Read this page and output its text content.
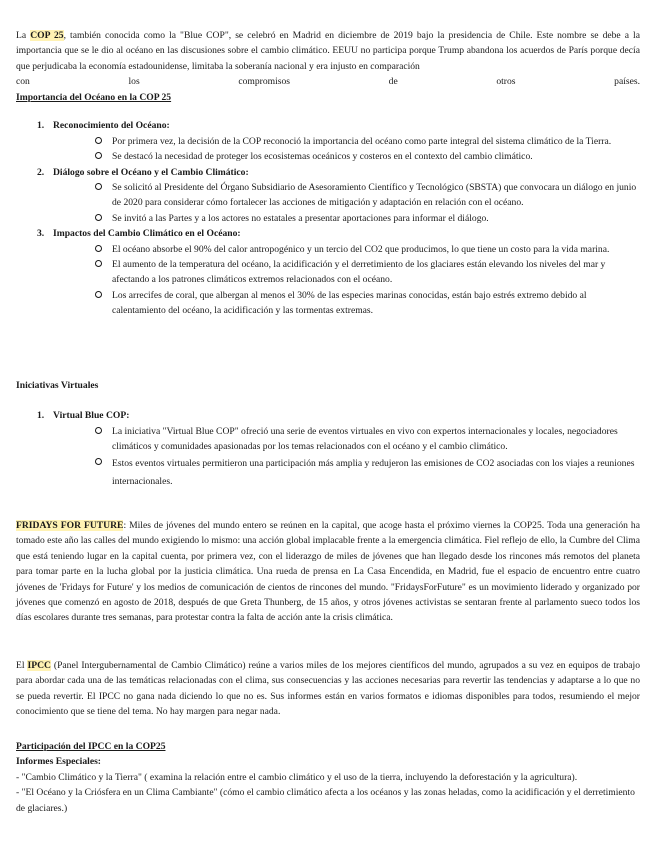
La COP 25, también conocida como la "Blue COP", se celebró en Madrid en diciembre de 2019 bajo la presidencia de Chile. Este nombre se debe a la importancia que se le dio al océano en las discusiones sobre el cambio climático. EEUU no participa porque Trump abandona los acuerdos de París porque decía que perjudicaba la economía estadounidense, limitaba la soberanía nacional y era injusto en comparación

con	los compromisos de otros países.

Importancia del Océano en la COP 25

1. Reconocimiento del Océano:
Por primera vez, la decisión de la COP reconoció la importancia del océano como parte integral del sistema climático de la Tierra.
Se destacó la necesidad de proteger los ecosistemas oceánicos y costeros en el contexto del cambio climático.
2. Diálogo sobre el Océano y el Cambio Climático:
Se solicitó al Presidente del Órgano Subsidiario de Asesoramiento Científico y Tecnológico (SBSTA) que convocara un diálogo en junio de 2020 para considerar cómo fortalecer las acciones de mitigación y adaptación en relación con el océano.
Se invitó a las Partes y a los actores no estatales a presentar aportaciones para informar el diálogo.
3. Impactos del Cambio Climático en el Océano:
El océano absorbe el 90% del calor antropogénico y un tercio del CO2 que producimos, lo que tiene un costo para la vida marina.
El aumento de la temperatura del océano, la acidificación y el derretimiento de los glaciares están elevando los niveles del mar y afectando a los patrones climáticos extremos relacionados con el océano.
Los arrecifes de coral, que albergan al menos el 30% de las especies marinas conocidas, están bajo estrés extremo debido al calentamiento del océano, la acidificación y las tormentas extremas.

Iniciativas Virtuales

1. Virtual Blue COP:
La iniciativa "Virtual Blue COP" ofreció una serie de eventos virtuales en vivo con expertos internacionales y locales, negociadores climáticos y comunidades apasionadas por los temas relacionados con el océano y el cambio climático.
Estos eventos virtuales permitieron una participación más amplia y redujeron las emisiones de CO2 asociadas con los viajes a reuniones internacionales.

FRIDAYS FOR FUTURE: Miles de jóvenes del mundo entero se reúnen en la capital, que acoge hasta el próximo viernes la COP25. Toda una generación ha tomado este año las calles del mundo exigiendo lo mismo: una acción global implacable frente a la emergencia climática. Fiel reflejo de ello, la Cumbre del Clima que está teniendo lugar en la capital cuenta, por primera vez, con el liderazgo de miles de jóvenes que han llegado desde los rincones más remotos del planeta para tomar parte en la lucha global por la justicia climática. Una rueda de prensa en La Casa Encendida, en Madrid, fue el espacio de encuentro entre cuatro jóvenes de 'Fridays for Future' y los medios de comunicación de cientos de rincones del mundo. "FridaysForFuture" es un movimiento liderado y organizado por jóvenes que comenzó en agosto de 2018, después de que Greta Thunberg, de 15 años, y otros jóvenes activistas se sentaran frente al parlamento sueco todos los días escolares durante tres semanas, para protestar contra la falta de acción ante la crisis climática.

El IPCC (Panel Intergubernamental de Cambio Climático) reúne a varios miles de los mejores científicos del mundo, agrupados a su vez en equipos de trabajo para abordar cada una de las temáticas relacionadas con el clima, sus consecuencias y las acciones necesarias para revertir las tendencias y adaptarse a lo que no se pueda revertir. El IPCC no gana nada diciendo lo que no es. Sus informes están en varios formatos e idiomas disponibles para todos, resumiendo el mejor conocimiento que se tiene del tema. No hay margen para negar nada.

Participación del IPCC en la COP25

Informes Especiales:

- "Cambio Climático y la Tierra" ( examina la relación entre el cambio climático y el uso de la tierra, incluyendo la deforestación y la agricultura).

- "El Océano y la Criósfera en un Clima Cambiante" (cómo el cambio climático afecta a los océanos y las zonas heladas, como la acidificación y el derretimiento de glaciares.)
